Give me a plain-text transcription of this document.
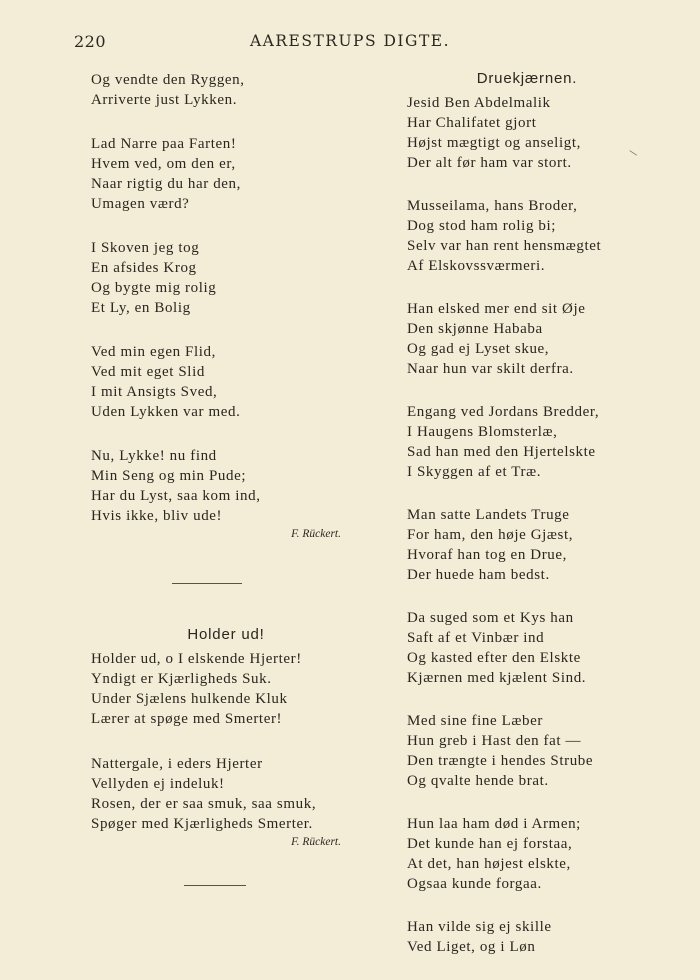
220	AARESTRUPS DIGTE.
Og vendte den Ryggen,
Arriverte just Lykken.
Lad Narre paa Farten!
Hvem ved, om den er,
Naar rigtig du har den,
Umagen værd?
I Skoven jeg tog
En afsides Krog
Og bygte mig rolig
Et Ly, en Bolig
Ved min egen Flid,
Ved mit eget Slid
I mit Ansigts Sved,
Uden Lykken var med.
Nu, Lykke! nu find
Min Seng og min Pude;
Har du Lyst, saa kom ind,
Hvis ikke, bliv ude!
F. Rückert.
Holder ud!
Holder ud, o I elskende Hjerter!
Yndigt er Kjærligheds Suk.
Under Sjælens hulkende Kluk
Lærer at spøge med Smerter!
Nattergale, i eders Hjerter
Vellyden ej indeluk!
Rosen, der er saa smuk, saa smuk,
Spøger med Kjærligheds Smerter.
F. Rückert.
Druekjærnen.
Jesid Ben Abdelmalik
Har Chalifatet gjort
Højst mægtigt og anseligt,
Der alt før ham var stort.
Musseilama, hans Broder,
Dog stod ham rolig bi;
Selv var han rent hensmægtet
Af Elskovssværmeri.
Han elsked mer end sit Øje
Den skjønne Hababa
Og gad ej Lyset skue,
Naar hun var skilt derfra.
Engang ved Jordans Bredder,
I Haugens Blomsterlæ,
Sad han med den Hjertelskte
I Skyggen af et Træ.
Man satte Landets Truge
For ham, den høje Gjæst,
Hvoraf han tog en Drue,
Der huede ham bedst.
Da suged som et Kys han
Saft af et Vinbær ind
Og kasted efter den Elskte
Kjærnen med kjælent Sind.
Med sine fine Læber
Hun greb i Hast den fat —
Den trængte i hendes Strube
Og qvalte hende brat.
Hun laa ham død i Armen;
Det kunde han ej forstaa,
At det, han højest elskte,
Ogsaa kunde forgaa.
Han vilde sig ej skille
Ved Liget, og i Løn
\
